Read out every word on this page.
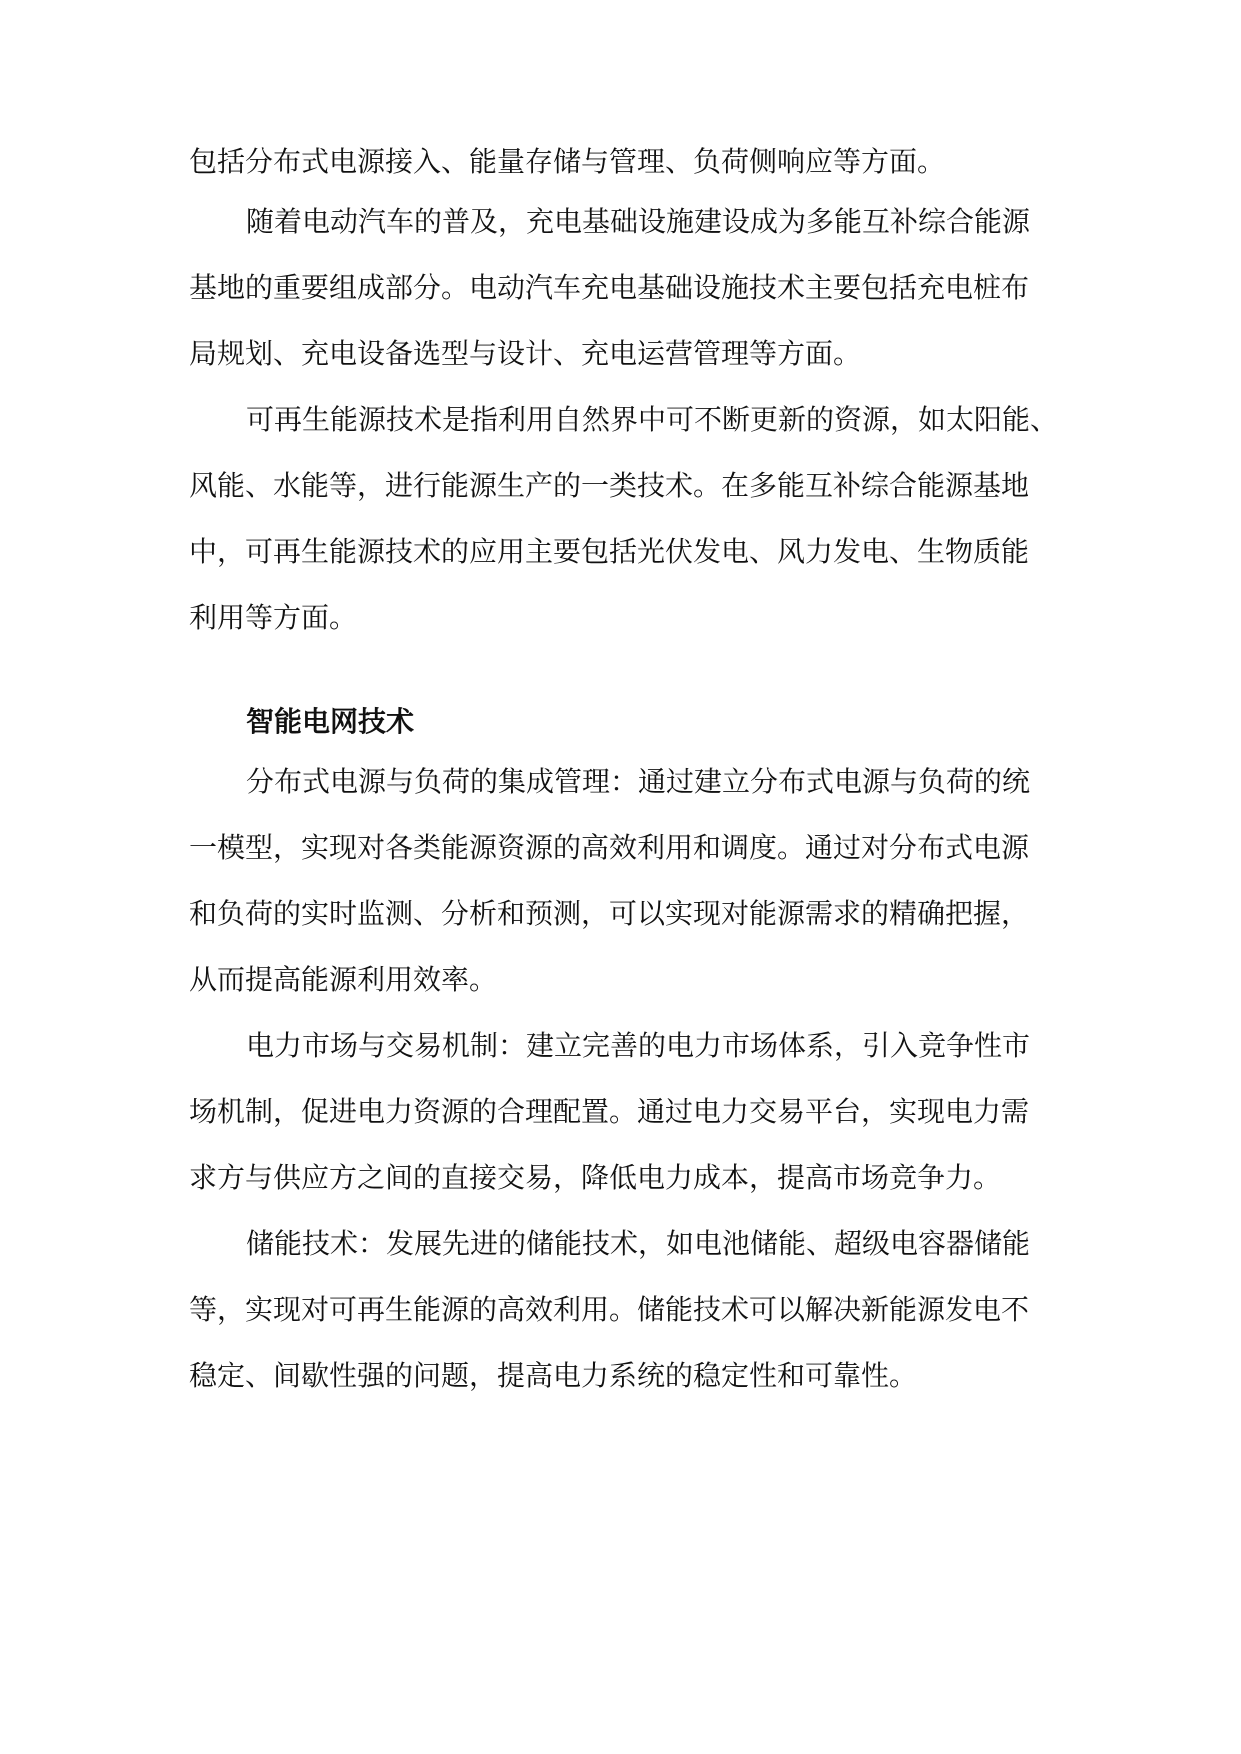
包括分布式电源接入、能量存储与管理、负荷侧响应等方面。
随着电动汽车的普及，充电基础设施建设成为多能互补综合能源
基地的重要组成部分。电动汽车充电基础设施技术主要包括充电桩布
局规划、充电设备选型与设计、充电运营管理等方面。
可再生能源技术是指利用自然界中可不断更新的资源，如太阳能、
风能、水能等，进行能源生产的一类技术。在多能互补综合能源基地
中，可再生能源技术的应用主要包括光伏发电、风力发电、生物质能
利用等方面。
智能电网技术
分布式电源与负荷的集成管理：通过建立分布式电源与负荷的统
一模型，实现对各类能源资源的高效利用和调度。通过对分布式电源
和负荷的实时监测、分析和预测，可以实现对能源需求的精确把握，
从而提高能源利用效率。
电力市场与交易机制：建立完善的电力市场体系，引入竞争性市
场机制，促进电力资源的合理配置。通过电力交易平台，实现电力需
求方与供应方之间的直接交易，降低电力成本，提高市场竞争力。
储能技术：发展先进的储能技术，如电池储能、超级电容器储能
等，实现对可再生能源的高效利用。储能技术可以解决新能源发电不
稳定、间歇性强的问题，提高电力系统的稳定性和可靠性。
